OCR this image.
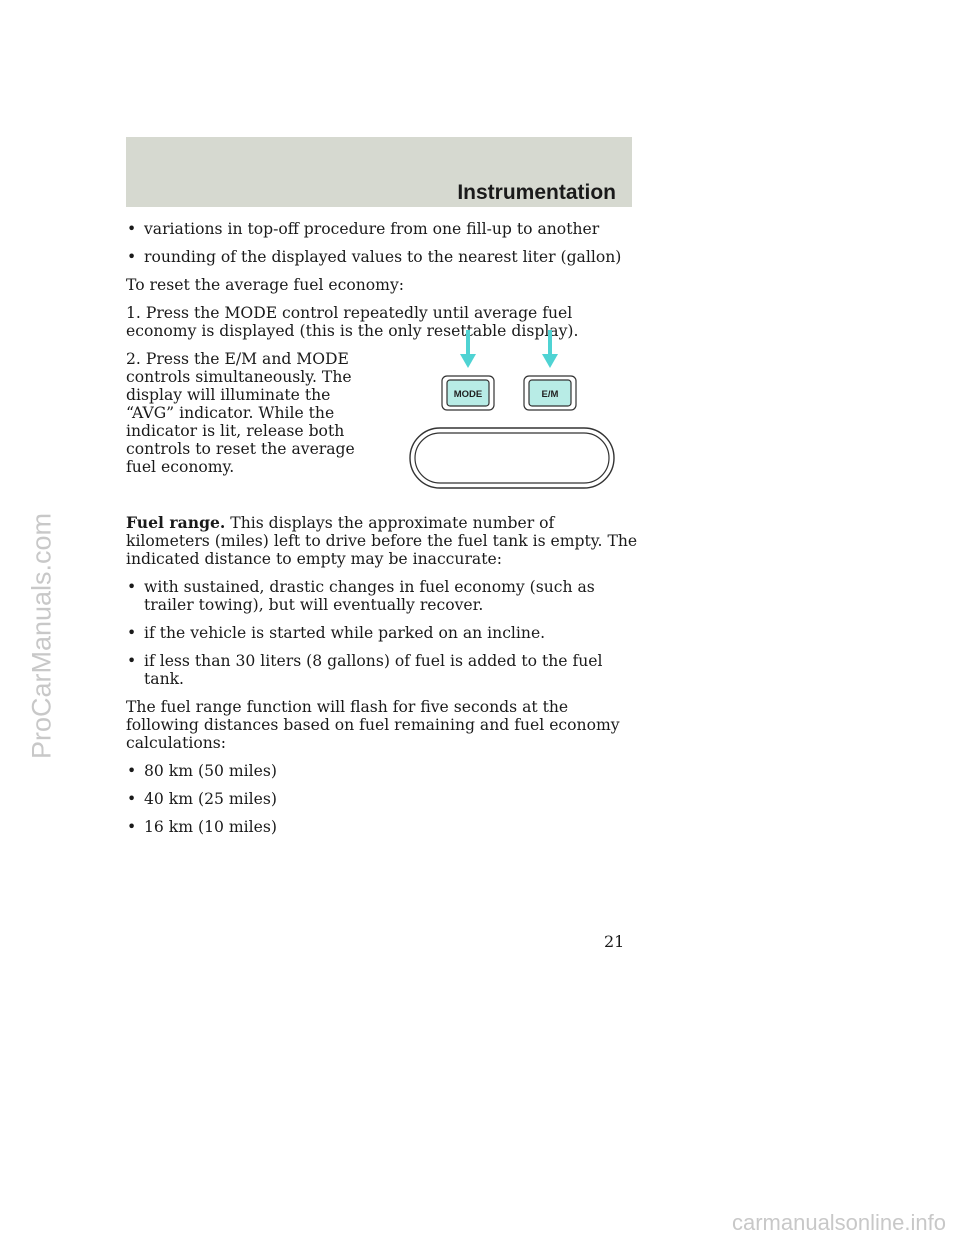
Instrumentation
ProCarManuals.com
• variations in top-off procedure from one fill-up to another
• rounding of the displayed values to the nearest liter (gallon)

To reset the average fuel economy:

1. Press the MODE control repeatedly until average fuel economy is displayed (this is the only resettable display).

2. Press the E/M and MODE controls simultaneously. The display will illuminate the “AVG” indicator. While the indicator is lit, release both controls to reset the average fuel economy.

MODE	E/M

Fuel range. This displays the approximate number of kilometers (miles) left to drive before the fuel tank is empty. The indicated distance to empty may be inaccurate:

• with sustained, drastic changes in fuel economy (such as trailer towing), but will eventually recover.
• if the vehicle is started while parked on an incline.
• if less than 30 liters (8 gallons) of fuel is added to the fuel tank.

The fuel range function will flash for five seconds at the following distances based on fuel remaining and fuel economy calculations:

• 80 km (50 miles)
• 40 km (25 miles)
• 16 km (10 miles)
21
carmanualsonline.info
